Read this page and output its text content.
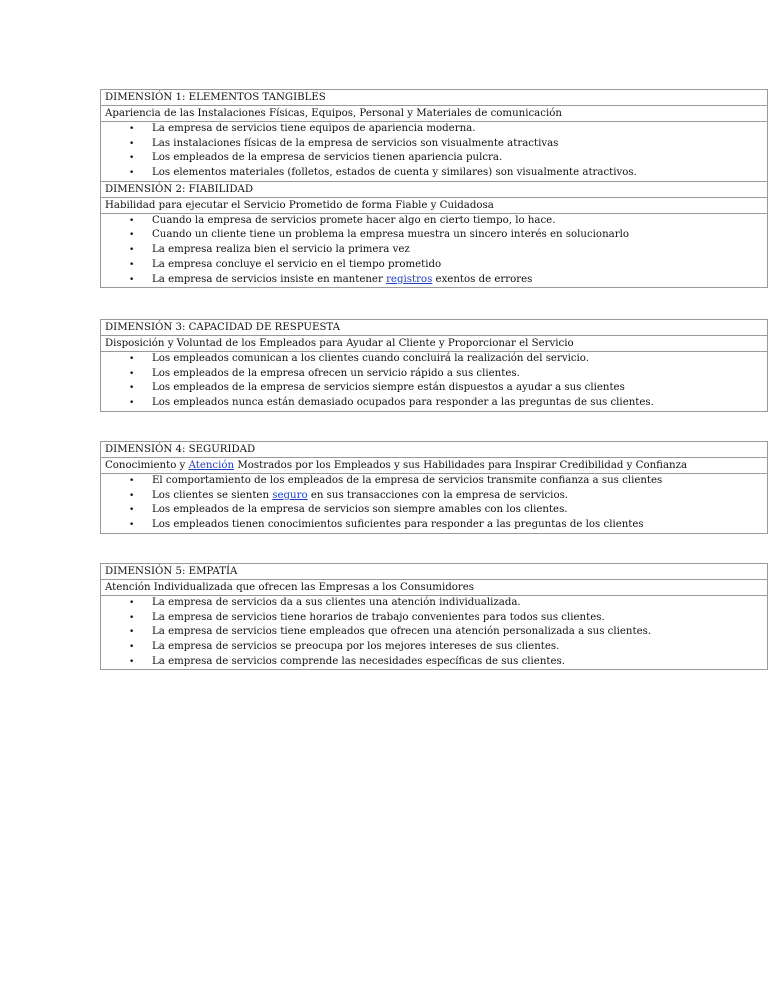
DIMENSIÓN 1: ELEMENTOS TANGIBLES
Apariencia de las Instalaciones Físicas, Equipos, Personal y Materiales de comunicación

• La empresa de servicios tiene equipos de apariencia moderna.
• Las instalaciones físicas de la empresa de servicios son visualmente atractivas
• Los empleados de la empresa de servicios tienen apariencia pulcra.
• Los elementos materiales (folletos, estados de cuenta y similares) son visualmente atractivos.

DIMENSIÓN 2: FIABILIDAD
Habilidad para ejecutar el Servicio Prometido de forma Fiable y Cuidadosa

• Cuando la empresa de servicios promete hacer algo en cierto tiempo, lo hace.
• Cuando un cliente tiene un problema la empresa muestra un sincero interés en solucionarlo
• La empresa realiza bien el servicio la primera vez
• La empresa concluye el servicio en el tiempo prometido
• La empresa de servicios insiste en mantener registros exentos de errores
DIMENSIÓN 3: CAPACIDAD DE RESPUESTA
Disposición y Voluntad de los Empleados para Ayudar al Cliente y Proporcionar el Servicio

• Los empleados comunican a los clientes cuando concluirá la realización del servicio.
• Los empleados de la empresa ofrecen un servicio rápido a sus clientes.
• Los empleados de la empresa de servicios siempre están dispuestos a ayudar a sus clientes
• Los empleados nunca están demasiado ocupados para responder a las preguntas de sus clientes.
DIMENSIÓN 4: SEGURIDAD
Conocimiento y Atención Mostrados por los Empleados y sus Habilidades para Inspirar Credibilidad y Confianza

• El comportamiento de los empleados de la empresa de servicios transmite confianza a sus clientes
• Los clientes se sienten seguro en sus transacciones con la empresa de servicios.
• Los empleados de la empresa de servicios son siempre amables con los clientes.
• Los empleados tienen conocimientos suficientes para responder a las preguntas de los clientes
DIMENSIÓN 5: EMPATÍA
Atención Individualizada que ofrecen las Empresas a los Consumidores

• La empresa de servicios da a sus clientes una atención individualizada.
• La empresa de servicios tiene horarios de trabajo convenientes para todos sus clientes.
• La empresa de servicios tiene empleados que ofrecen una atención personalizada a sus clientes.
• La empresa de servicios se preocupa por los mejores intereses de sus clientes.
• La empresa de servicios comprende las necesidades específicas de sus clientes.
